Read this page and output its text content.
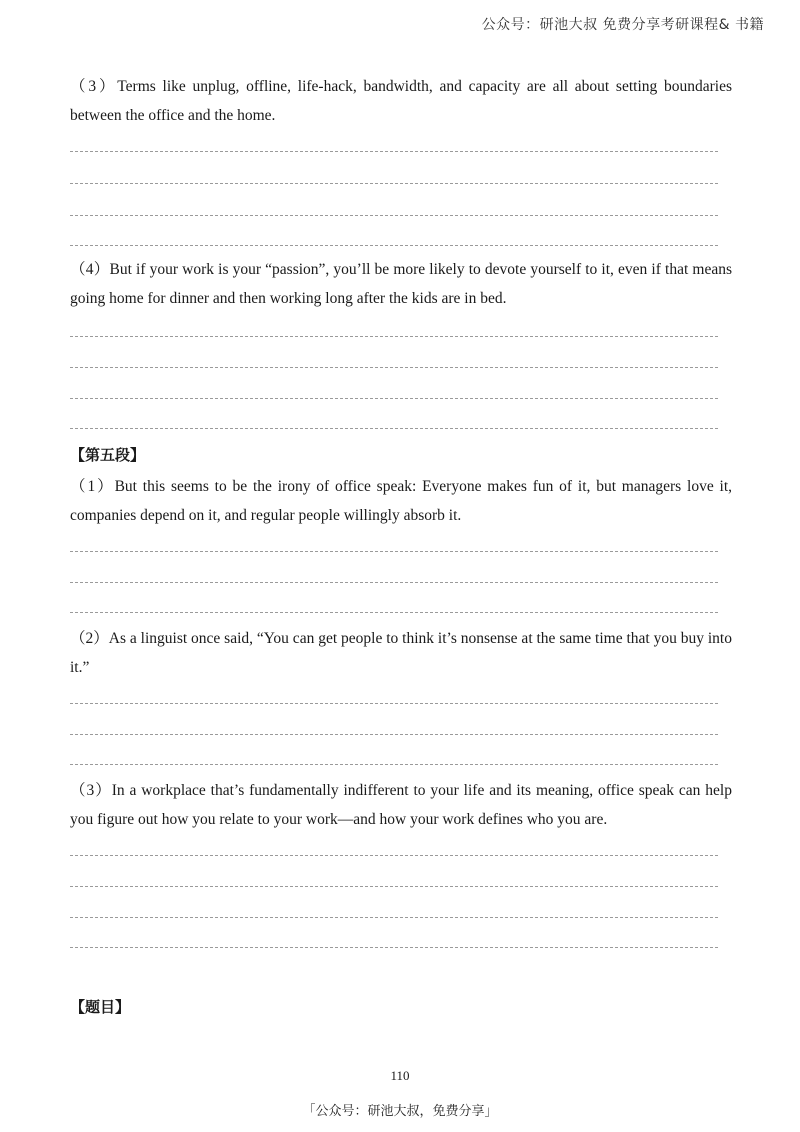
公众号：研池大叔 免费分享考研课程& 书籍
（3）Terms like unplug, offline, life-hack, bandwidth, and capacity are all about setting boundaries between the office and the home.
（4）But if your work is your “passion”, you’ll be more likely to devote yourself to it, even if that means going home for dinner and then working long after the kids are in bed.
【第五段】
（1）But this seems to be the irony of office speak: Everyone makes fun of it, but managers love it, companies depend on it, and regular people willingly absorb it.
（2）As a linguist once said, “You can get people to think it’s nonsense at the same time that you buy into it.”
（3）In a workplace that’s fundamentally indifferent to your life and its meaning, office speak can help you figure out how you relate to your work—and how your work defines who you are.
【题目】
110
「公众号：研池大叔，免费分享」
